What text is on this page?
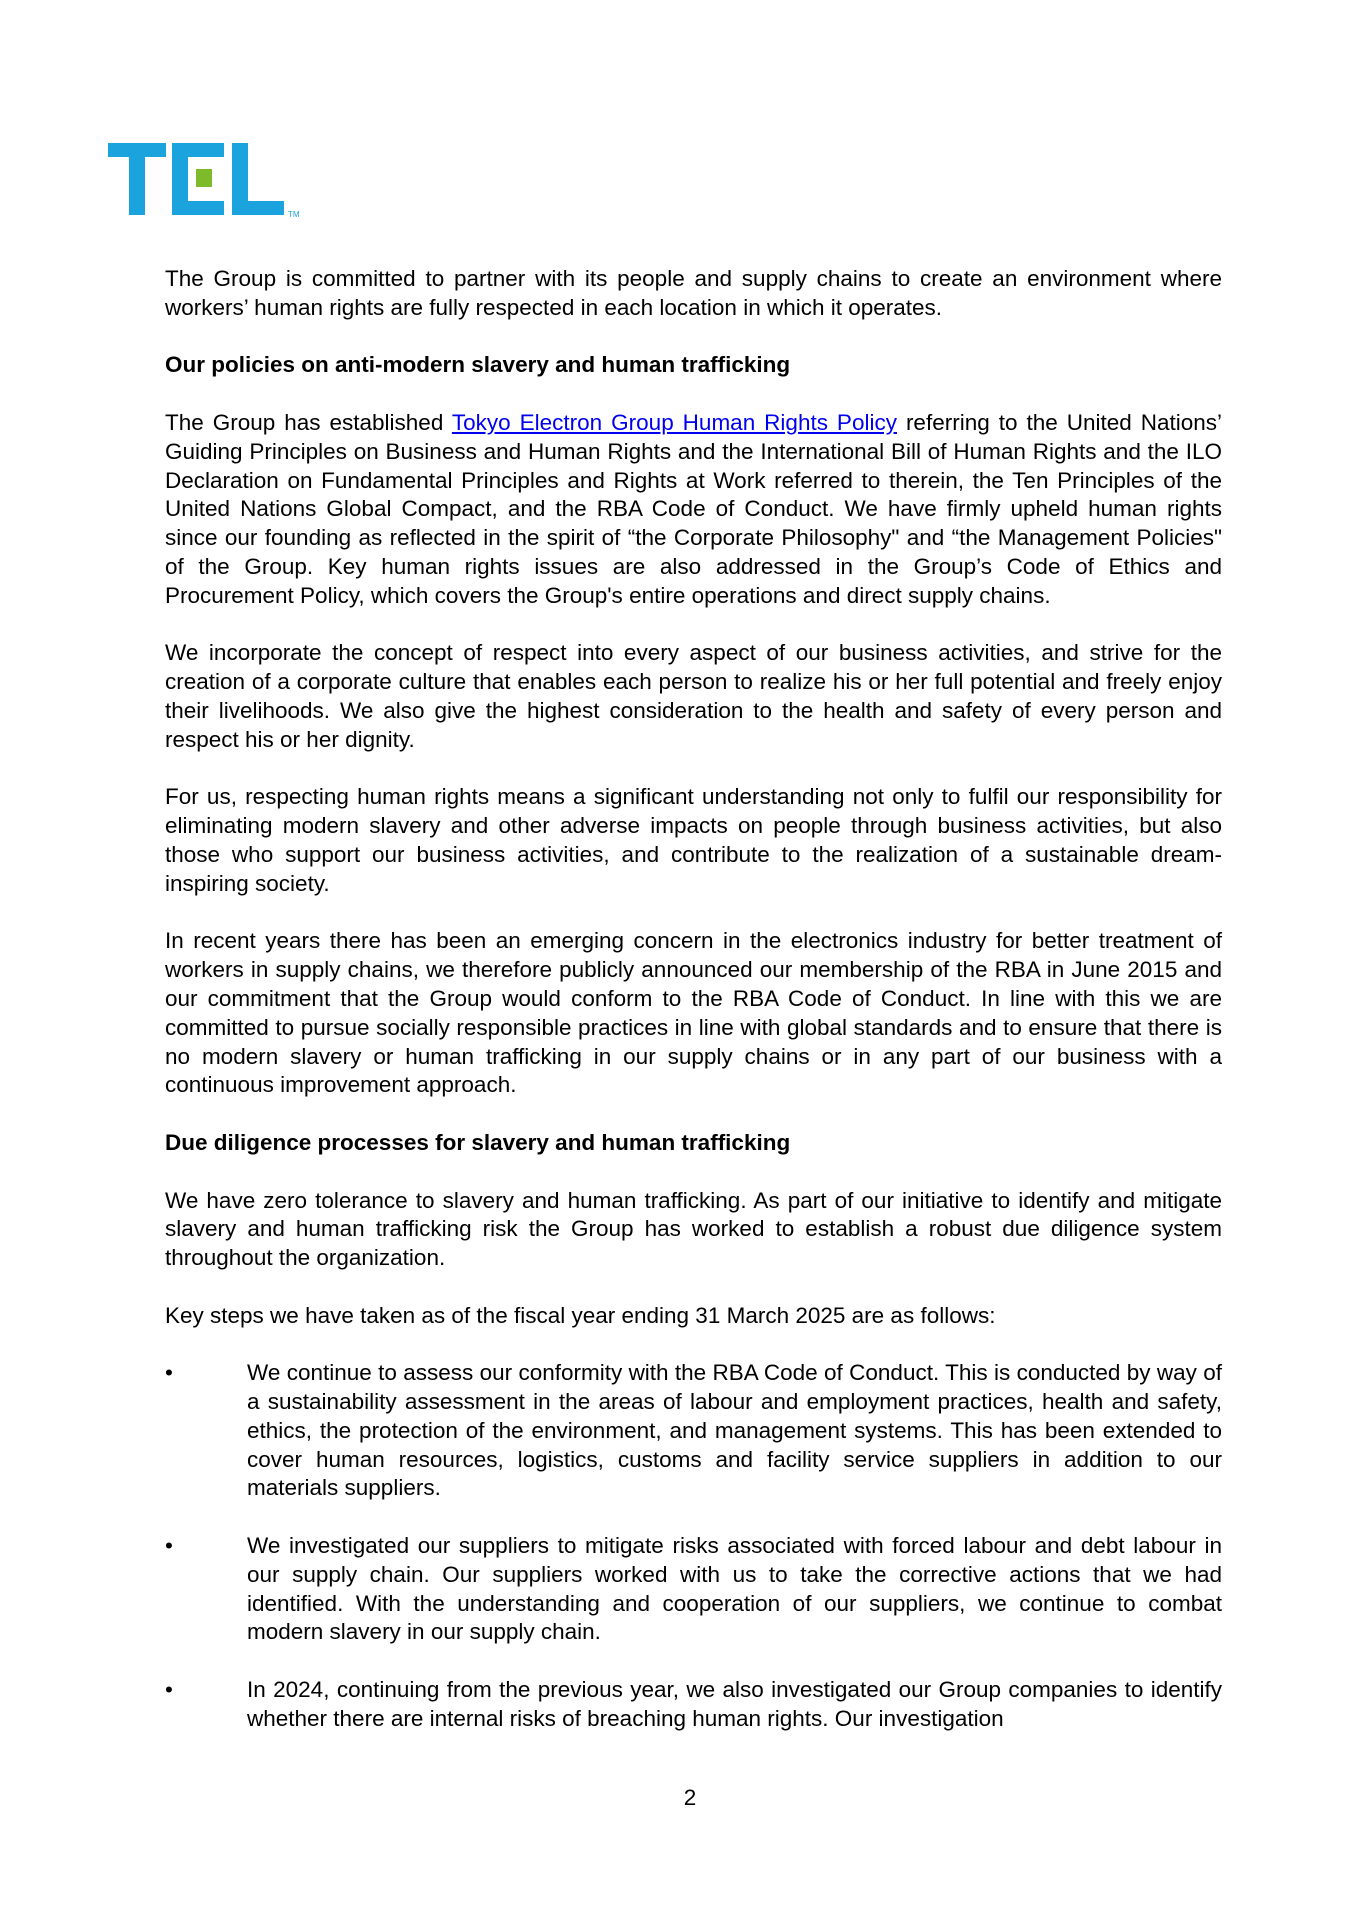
TM

The Group is committed to partner with its people and supply chains to create an environment where workers’ human rights are fully respected in each location in which it operates.

Our policies on anti-modern slavery and human trafficking

The Group has established Tokyo Electron Group Human Rights Policy referring to the United Nations’ Guiding Principles on Business and Human Rights and the International Bill of Human Rights and the ILO Declaration on Fundamental Principles and Rights at Work referred to therein, the Ten Principles of the United Nations Global Compact, and the RBA Code of Conduct. We have firmly upheld human rights since our founding as reflected in the spirit of “the Corporate Philosophy" and “the Management Policies" of the Group. Key human rights issues are also addressed in the Group’s Code of Ethics and Procurement Policy, which covers the Group's entire operations and direct supply chains.

We incorporate the concept of respect into every aspect of our business activities, and strive for the creation of a corporate culture that enables each person to realize his or her full potential and freely enjoy their livelihoods. We also give the highest consideration to the health and safety of every person and respect his or her dignity.

For us, respecting human rights means a significant understanding not only to fulfil our responsibility for eliminating modern slavery and other adverse impacts on people through business activities, but also those who support our business activities, and contribute to the realization of a sustainable dream-inspiring society.

In recent years there has been an emerging concern in the electronics industry for better treatment of workers in supply chains, we therefore publicly announced our membership of the RBA in June 2015 and our commitment that the Group would conform to the RBA Code of Conduct. In line with this we are committed to pursue socially responsible practices in line with global standards and to ensure that there is no modern slavery or human trafficking in our supply chains or in any part of our business with a continuous improvement approach.

Due diligence processes for slavery and human trafficking

We have zero tolerance to slavery and human trafficking. As part of our initiative to identify and mitigate slavery and human trafficking risk the Group has worked to establish a robust due diligence system throughout the organization.

Key steps we have taken as of the fiscal year ending 31 March 2025 are as follows:

•	We continue to assess our conformity with the RBA Code of Conduct. This is conducted by way of a sustainability assessment in the areas of labour and employment practices, health and safety, ethics, the protection of the environment, and management systems. This has been extended to cover human resources, logistics, customs and facility service suppliers in addition to our materials suppliers.
•	We investigated our suppliers to mitigate risks associated with forced labour and debt labour in our supply chain. Our suppliers worked with us to take the corrective actions that we had identified. With the understanding and cooperation of our suppliers, we continue to combat modern slavery in our supply chain.
•	In 2024, continuing from the previous year, we also investigated our Group companies to identify whether there are internal risks of breaching human rights. Our investigation
2
